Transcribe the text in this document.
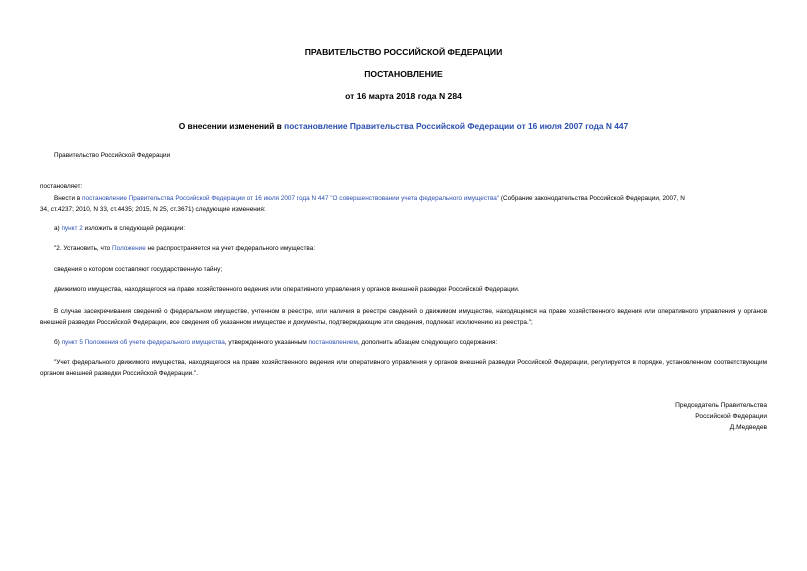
ПРАВИТЕЛЬСТВО РОССИЙСКОЙ ФЕДЕРАЦИИ
ПОСТАНОВЛЕНИЕ
от 16 марта 2018 года N 284
О внесении изменений в постановление Правительства Российской Федерации от 16 июля 2007 года N 447
Правительство Российской Федерации
постановляет:
Внести в постановление Правительства Российской Федерации от 16 июля 2007 года N 447 "О совершенствовании учета федерального имущества" (Собрание законодательства Российской Федерации, 2007, N
34, ст.4237; 2010, N 33, ст.4435; 2015, N 25, ст.3671) следующие изменения:
а) пункт 2 изложить в следующей редакции:
"2. Установить, что Положение не распространяется на учет федерального имущества:
сведения о котором составляют государственную тайну;
движимого имущества, находящегося на праве хозяйственного ведения или оперативного управления у органов внешней разведки Российской Федерации.
В случае засекречивания сведений о федеральном имуществе, учтенном в реестре, или наличия в реестре сведений о движимом имуществе, находящемся на праве хозяйственного ведения или оперативного управления у органов внешней разведки Российской Федерации, все сведения об указанном имуществе и документы, подтверждающие эти сведения, подлежат исключению из реестра.";
б) пункт 5 Положения об учете федерального имущества, утвержденного указанным постановлением, дополнить абзацем следующего содержания:
"Учет федерального движимого имущества, находящегося на праве хозяйственного ведения или оперативного управления у органов внешней разведки Российской Федерации, регулируется в порядке, установленном соответствующим органом внешней разведки Российской Федерации.".
Председатель Правительства
Российской Федерации
Д.Медведев
